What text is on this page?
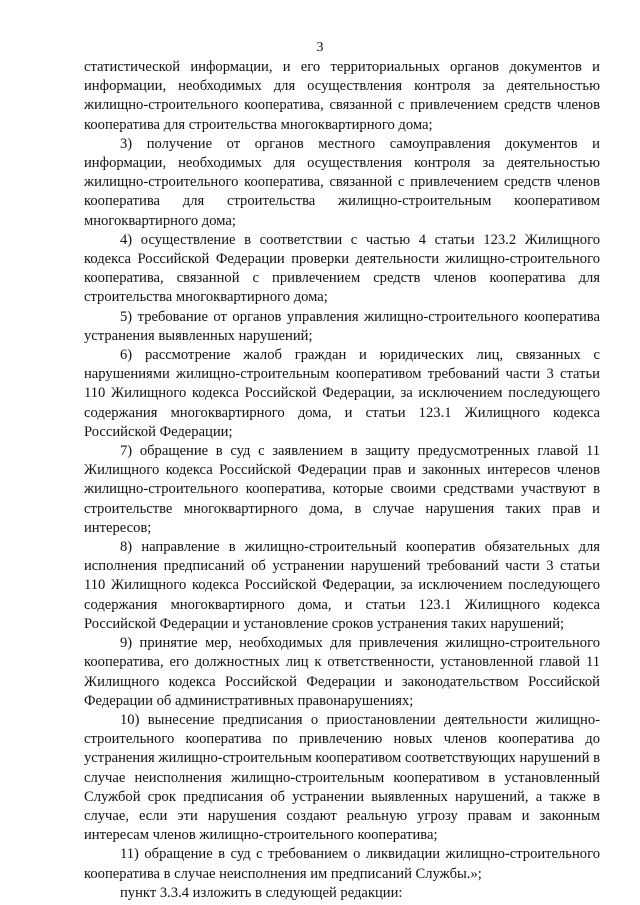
3

статистической информации, и его территориальных органов документов и информации, необходимых для осуществления контроля за деятельностью жилищно-строительного кооператива, связанной с привлечением средств членов кооператива для строительства многоквартирного дома;

3) получение от органов местного самоуправления документов и информации, необходимых для осуществления контроля за деятельностью жилищно-строительного кооператива, связанной с привлечением средств членов кооператива для строительства жилищно-строительным кооперативом многоквартирного дома;

4) осуществление в соответствии с частью 4 статьи 123.2 Жилищного кодекса Российской Федерации проверки деятельности жилищно-строительного кооператива, связанной с привлечением средств членов кооператива для строительства многоквартирного дома;

5) требование от органов управления жилищно-строительного кооператива устранения выявленных нарушений;

6) рассмотрение жалоб граждан и юридических лиц, связанных с нарушениями жилищно-строительным кооперативом требований части 3 статьи 110 Жилищного кодекса Российской Федерации, за исключением последующего содержания многоквартирного дома, и статьи 123.1 Жилищного кодекса Российской Федерации;

7) обращение в суд с заявлением в защиту предусмотренных главой 11 Жилищного кодекса Российской Федерации прав и законных интересов членов жилищно-строительного кооператива, которые своими средствами участвуют в строительстве многоквартирного дома, в случае нарушения таких прав и интересов;

8) направление в жилищно-строительный кооператив обязательных для исполнения предписаний об устранении нарушений требований части 3 статьи 110 Жилищного кодекса Российской Федерации, за исключением последующего содержания многоквартирного дома, и статьи 123.1 Жилищного кодекса Российской Федерации и установление сроков устранения таких нарушений;

9) принятие мер, необходимых для привлечения жилищно-строительного кооператива, его должностных лиц к ответственности, установленной главой 11 Жилищного кодекса Российской Федерации и законодательством Российской Федерации об административных правонарушениях;

10) вынесение предписания о приостановлении деятельности жилищно-строительного кооператива по привлечению новых членов кооператива до устранения жилищно-строительным кооперативом соответствующих нарушений в случае неисполнения жилищно-строительным кооперативом в установленный Службой срок предписания об устранении выявленных нарушений, а также в случае, если эти нарушения создают реальную угрозу правам и законным интересам членов жилищно-строительного кооператива;

11) обращение в суд с требованием о ликвидации жилищно-строительного кооператива в случае неисполнения им предписаний Службы.»;

пункт 3.3.4 изложить в следующей редакции:
